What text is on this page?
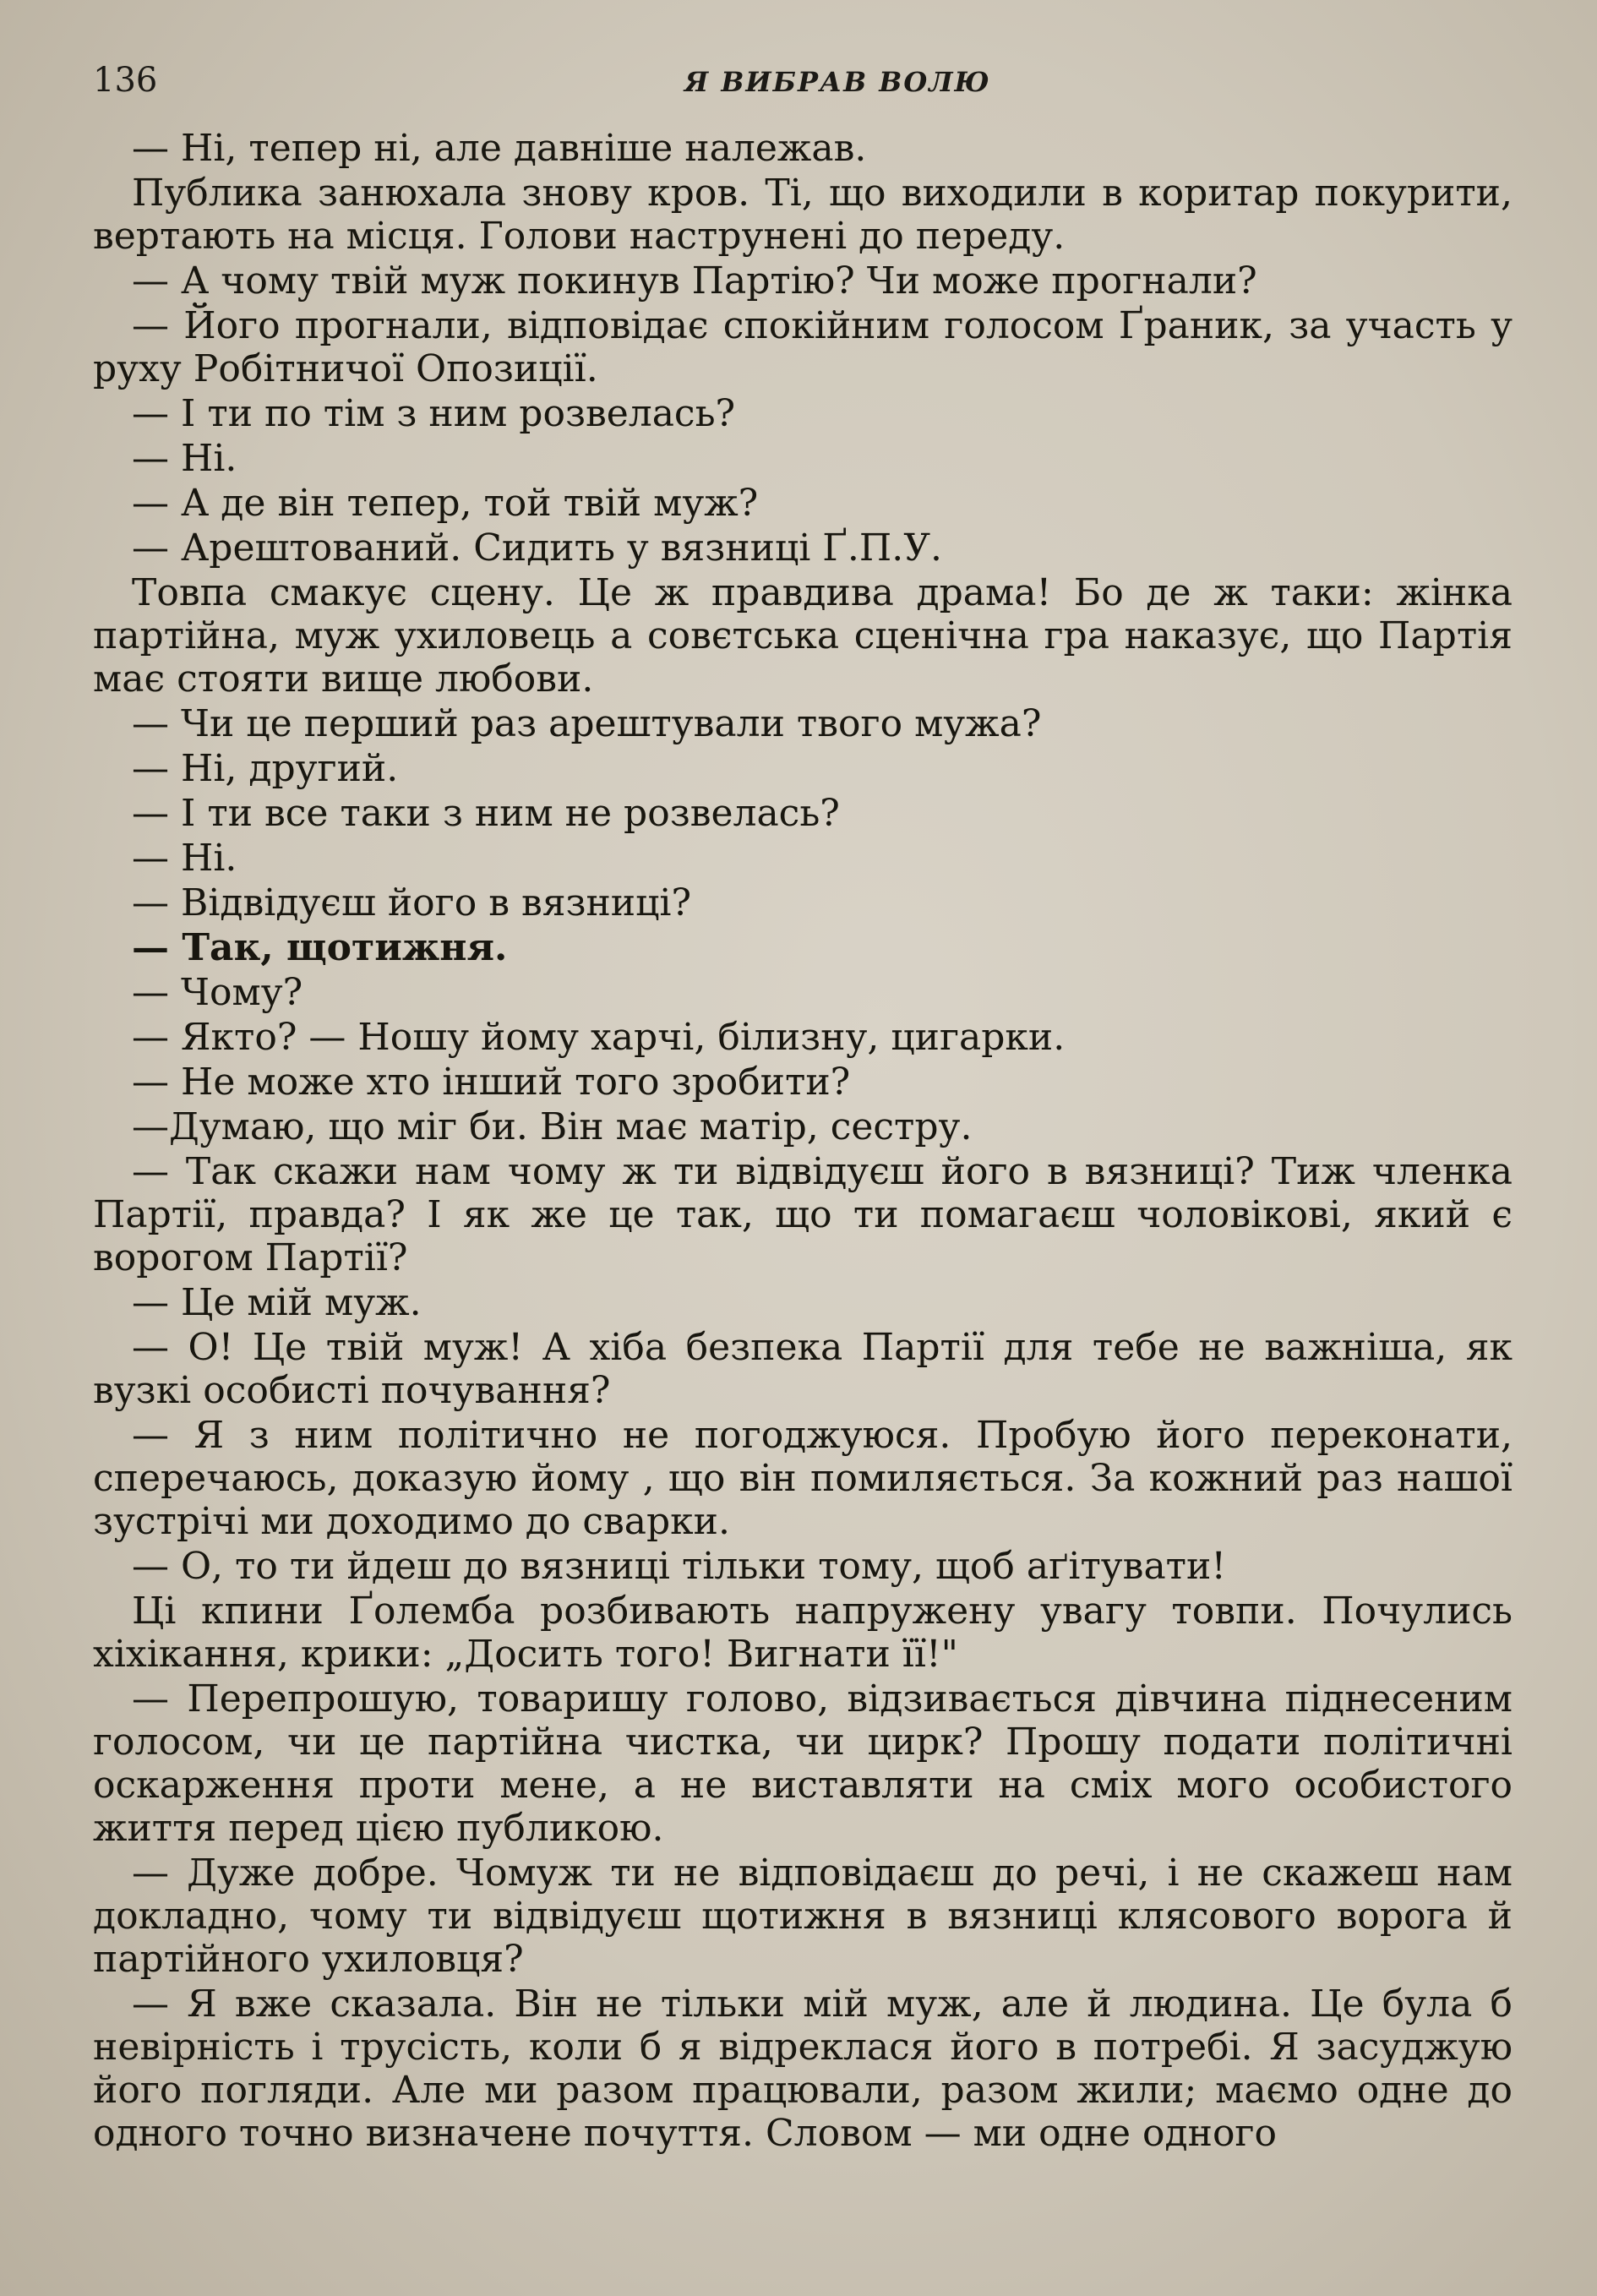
136	Я ВИБРАВ ВОЛЮ

— Ні, тепер ні, але давніше належав.

Публика занюхала знову кров. Ті, що виходили в коритар покурити, вертають на місця. Голови наструнені до переду.

— А чому твій муж покинув Партію? Чи може прогнали?

— Його прогнали, відповідає спокійним голосом Ґраник, за участь у руху Робітничої Опозиції.

— І ти по тім з ним розвелась?

— Ні.

— А де він тепер, той твій муж?

— Арештований. Сидить у вязниці Ґ.П.У.

Товпа смакує сцену. Це ж правдива драма! Бо де ж таки: жінка партійна, муж ухиловець а совєтська сценічна гра наказує, що Партія має стояти вище любови.

— Чи це перший раз арештували твого мужа?

— Ні, другий.

— І ти все таки з ним не розвелась?

— Ні.

— Відвідуєш його в вязниці?

— Так, щотижня.

— Чому?

— Якто? — Ношу йому харчі, білизну, цигарки.

— Не може хто інший того зробити?

—Думаю, що міг би. Він має матір, сестру.

— Так скажи нам чому ж ти відвідуєш його в вязниці? Тиж членка Партії, правда? І як же це так, що ти помагаєш чоловікові, який є ворогом Партії?

— Це мій муж.

— О! Це твій муж! А хіба безпека Партії для тебе не важніша, як вузкі особисті почування?

— Я з ним політично не погоджуюся. Пробую його переконати, сперечаюсь, доказую йому , що він помиляється. За кожний раз нашої зустрічі ми доходимо до сварки.

— О, то ти йдеш до вязниці тільки тому, щоб аґітувати!

Ці кпини Ґолемба розбивають напружену увагу товпи. Почулись хіхікання, крики: „Досить того! Вигнати її!"

— Перепрошую, товаришу голово, відзивається дівчина піднесеним голосом, чи це партійна чистка, чи цирк? Прошу подати політичні оскарження проти мене, а не виставляти на сміх мого особистого життя перед цією публикою.

— Дуже добре. Чомуж ти не відповідаєш до речі, і не скажеш нам докладно, чому ти відвідуєш щотижня в вязниці клясового ворога й партійного ухиловця?

— Я вже сказала. Він не тільки мій муж, але й людина. Це була б невірність і трусість, коли б я відреклася його в потребі. Я засуджую його погляди. Але ми разом працювали, разом жили; маємо одне до одного точно визначене почуття. Словом — ми одне одного
